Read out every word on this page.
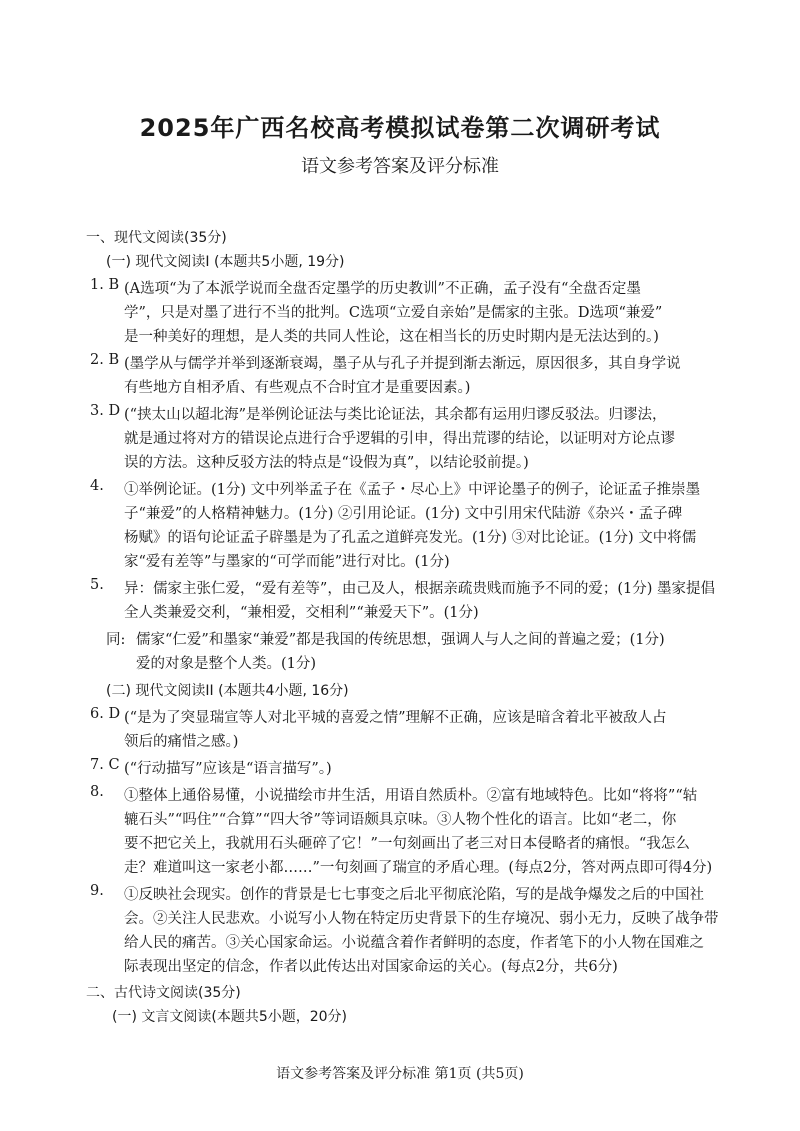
2025年广西名校高考模拟试卷第二次调研考试
语文参考答案及评分标准
一、现代文阅读(35分)
(一) 现代文阅读I (本题共5小题, 19分)
1. B (A选项“为了本派学说而全盘否定墨学的历史教训”不正确，孟子没有“全盘否定墨
学”，只是对墨了进行不当的批判。C选项“立爱自亲始”是儒家的主张。D选项“兼爱”
是一种美好的理想，是人类的共同人性论，这在相当长的历史时期内是无法达到的。)
2. B (墨学从与儒学并举到逐渐衰竭，墨子从与孔子并提到渐去渐远，原因很多，其自身学说
有些地方自相矛盾、有些观点不合时宜才是重要因素。)
3. D (“挟太山以超北海”是举例论证法与类比论证法，其余都有运用归谬反驳法。归谬法，
就是通过将对方的错误论点进行合乎逻辑的引申，得出荒谬的结论，以证明对方论点谬
误的方法。这种反驳方法的特点是“设假为真”，以结论驳前提。)
4.	①举例论证。(1分) 文中列举孟子在《孟子・尽心上》中评论墨子的例子，论证孟子推崇墨
子“兼爱”的人格精神魅力。(1分) ②引用论证。(1分) 文中引用宋代陆游《杂兴・孟子碑
杨赋》的语句论证孟子辟墨是为了孔孟之道鲜亮发光。(1分) ③对比论证。(1分) 文中将儒
家“爱有差等”与墨家的“可学而能”进行对比。(1分)
5.	异：儒家主张仁爱，“爱有差等”，由己及人，根据亲疏贵贱而施予不同的爱；(1分) 墨家提倡
全人类兼爱交利，“兼相爱，交相利”“兼爱天下”。(1分)
同: 儒家“仁爱”和墨家“兼爱”都是我国的传统思想，强调人与人之间的普遍之爱；(1分)
爱的对象是整个人类。(1分)
(二) 现代文阅读II (本题共4小题, 16分)
6. D (“是为了突显瑞宣等人对北平城的喜爱之情”理解不正确，应该是暗含着北平被敌人占
领后的痛惜之感。)
7. C (“行动描写”应该是“语言描写”。)
8.	①整体上通俗易懂，小说描绘市井生活，用语自然质朴。②富有地域特色。比如“将将”“轱
辘石头”“吗住”“合算”“四大爷”等词语颇具京味。③人物个性化的语言。比如“老二，你
要不把它关上，我就用石头砸碎了它！”一句刻画出了老三对日本侵略者的痛恨。“我怎么
走？难道叫这一家老小都……”一句刻画了瑞宣的矛盾心理。(每点2分，答对两点即可得4分)
9.	①反映社会现实。创作的背景是七七事变之后北平彻底沦陷，写的是战争爆发之后的中国社
会。②关注人民悲欢。小说写小人物在特定历史背景下的生存境况、弱小无力，反映了战争带
给人民的痛苦。③关心国家命运。小说蕴含着作者鲜明的态度，作者笔下的小人物在国难之
际表现出坚定的信念，作者以此传达出对国家命运的关心。(每点2分，共6分)
二、古代诗文阅读(35分)
(一) 文言文阅读(本题共5小题，20分)
语文参考答案及评分标准 第1页 (共5页)
